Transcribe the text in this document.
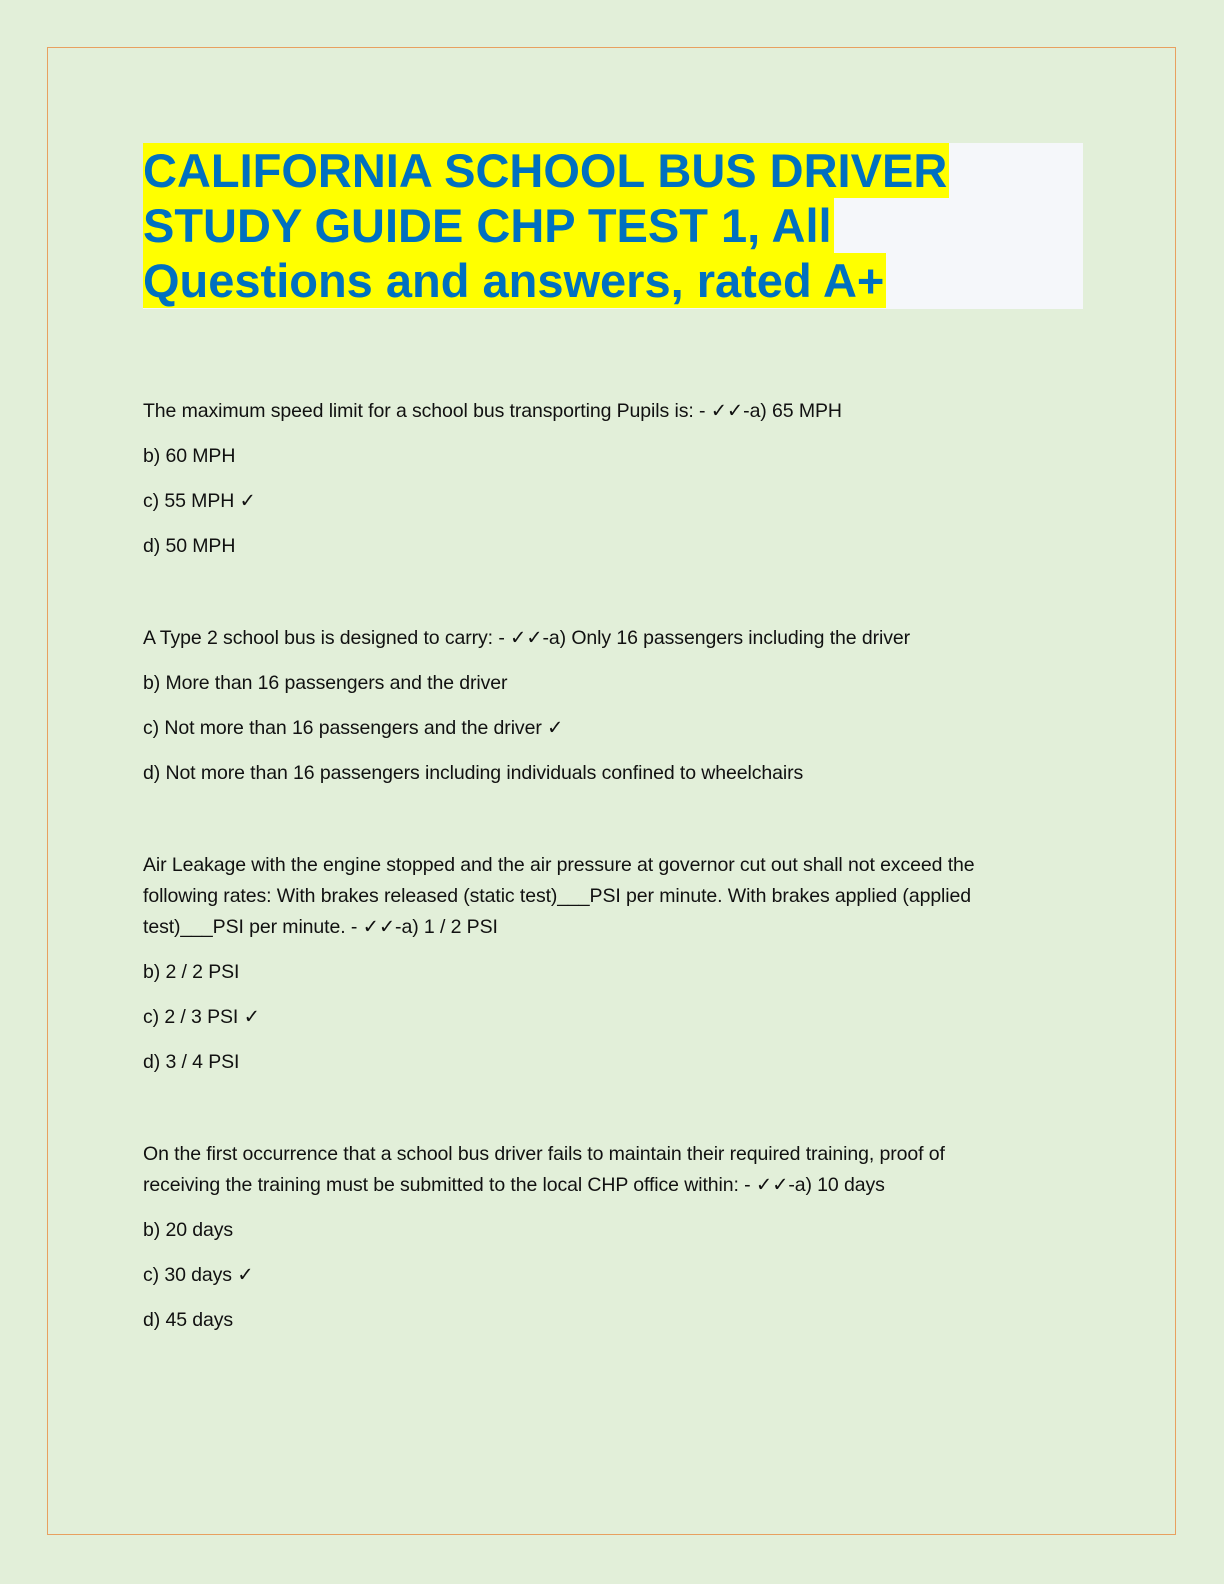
CALIFORNIA SCHOOL BUS DRIVER
STUDY GUIDE CHP TEST 1, All
Questions and answers, rated A+

The maximum speed limit for a school bus transporting Pupils is: - ✓✓-a) 65 MPH

b) 60 MPH

c) 55 MPH ✓

d) 50 MPH

A Type 2 school bus is designed to carry: - ✓✓-a) Only 16 passengers including the driver

b) More than 16 passengers and the driver

c) Not more than 16 passengers and the driver ✓

d) Not more than 16 passengers including individuals confined to wheelchairs

Air Leakage with the engine stopped and the air pressure at governor cut out shall not exceed the following rates: With brakes released (static test)___PSI per minute. With brakes applied (applied test)___PSI per minute. - ✓✓-a) 1 / 2 PSI

b) 2 / 2 PSI

c) 2 / 3 PSI ✓

d) 3 / 4 PSI

On the first occurrence that a school bus driver fails to maintain their required training, proof of receiving the training must be submitted to the local CHP office within: - ✓✓-a) 10 days

b) 20 days

c) 30 days ✓

d) 45 days
